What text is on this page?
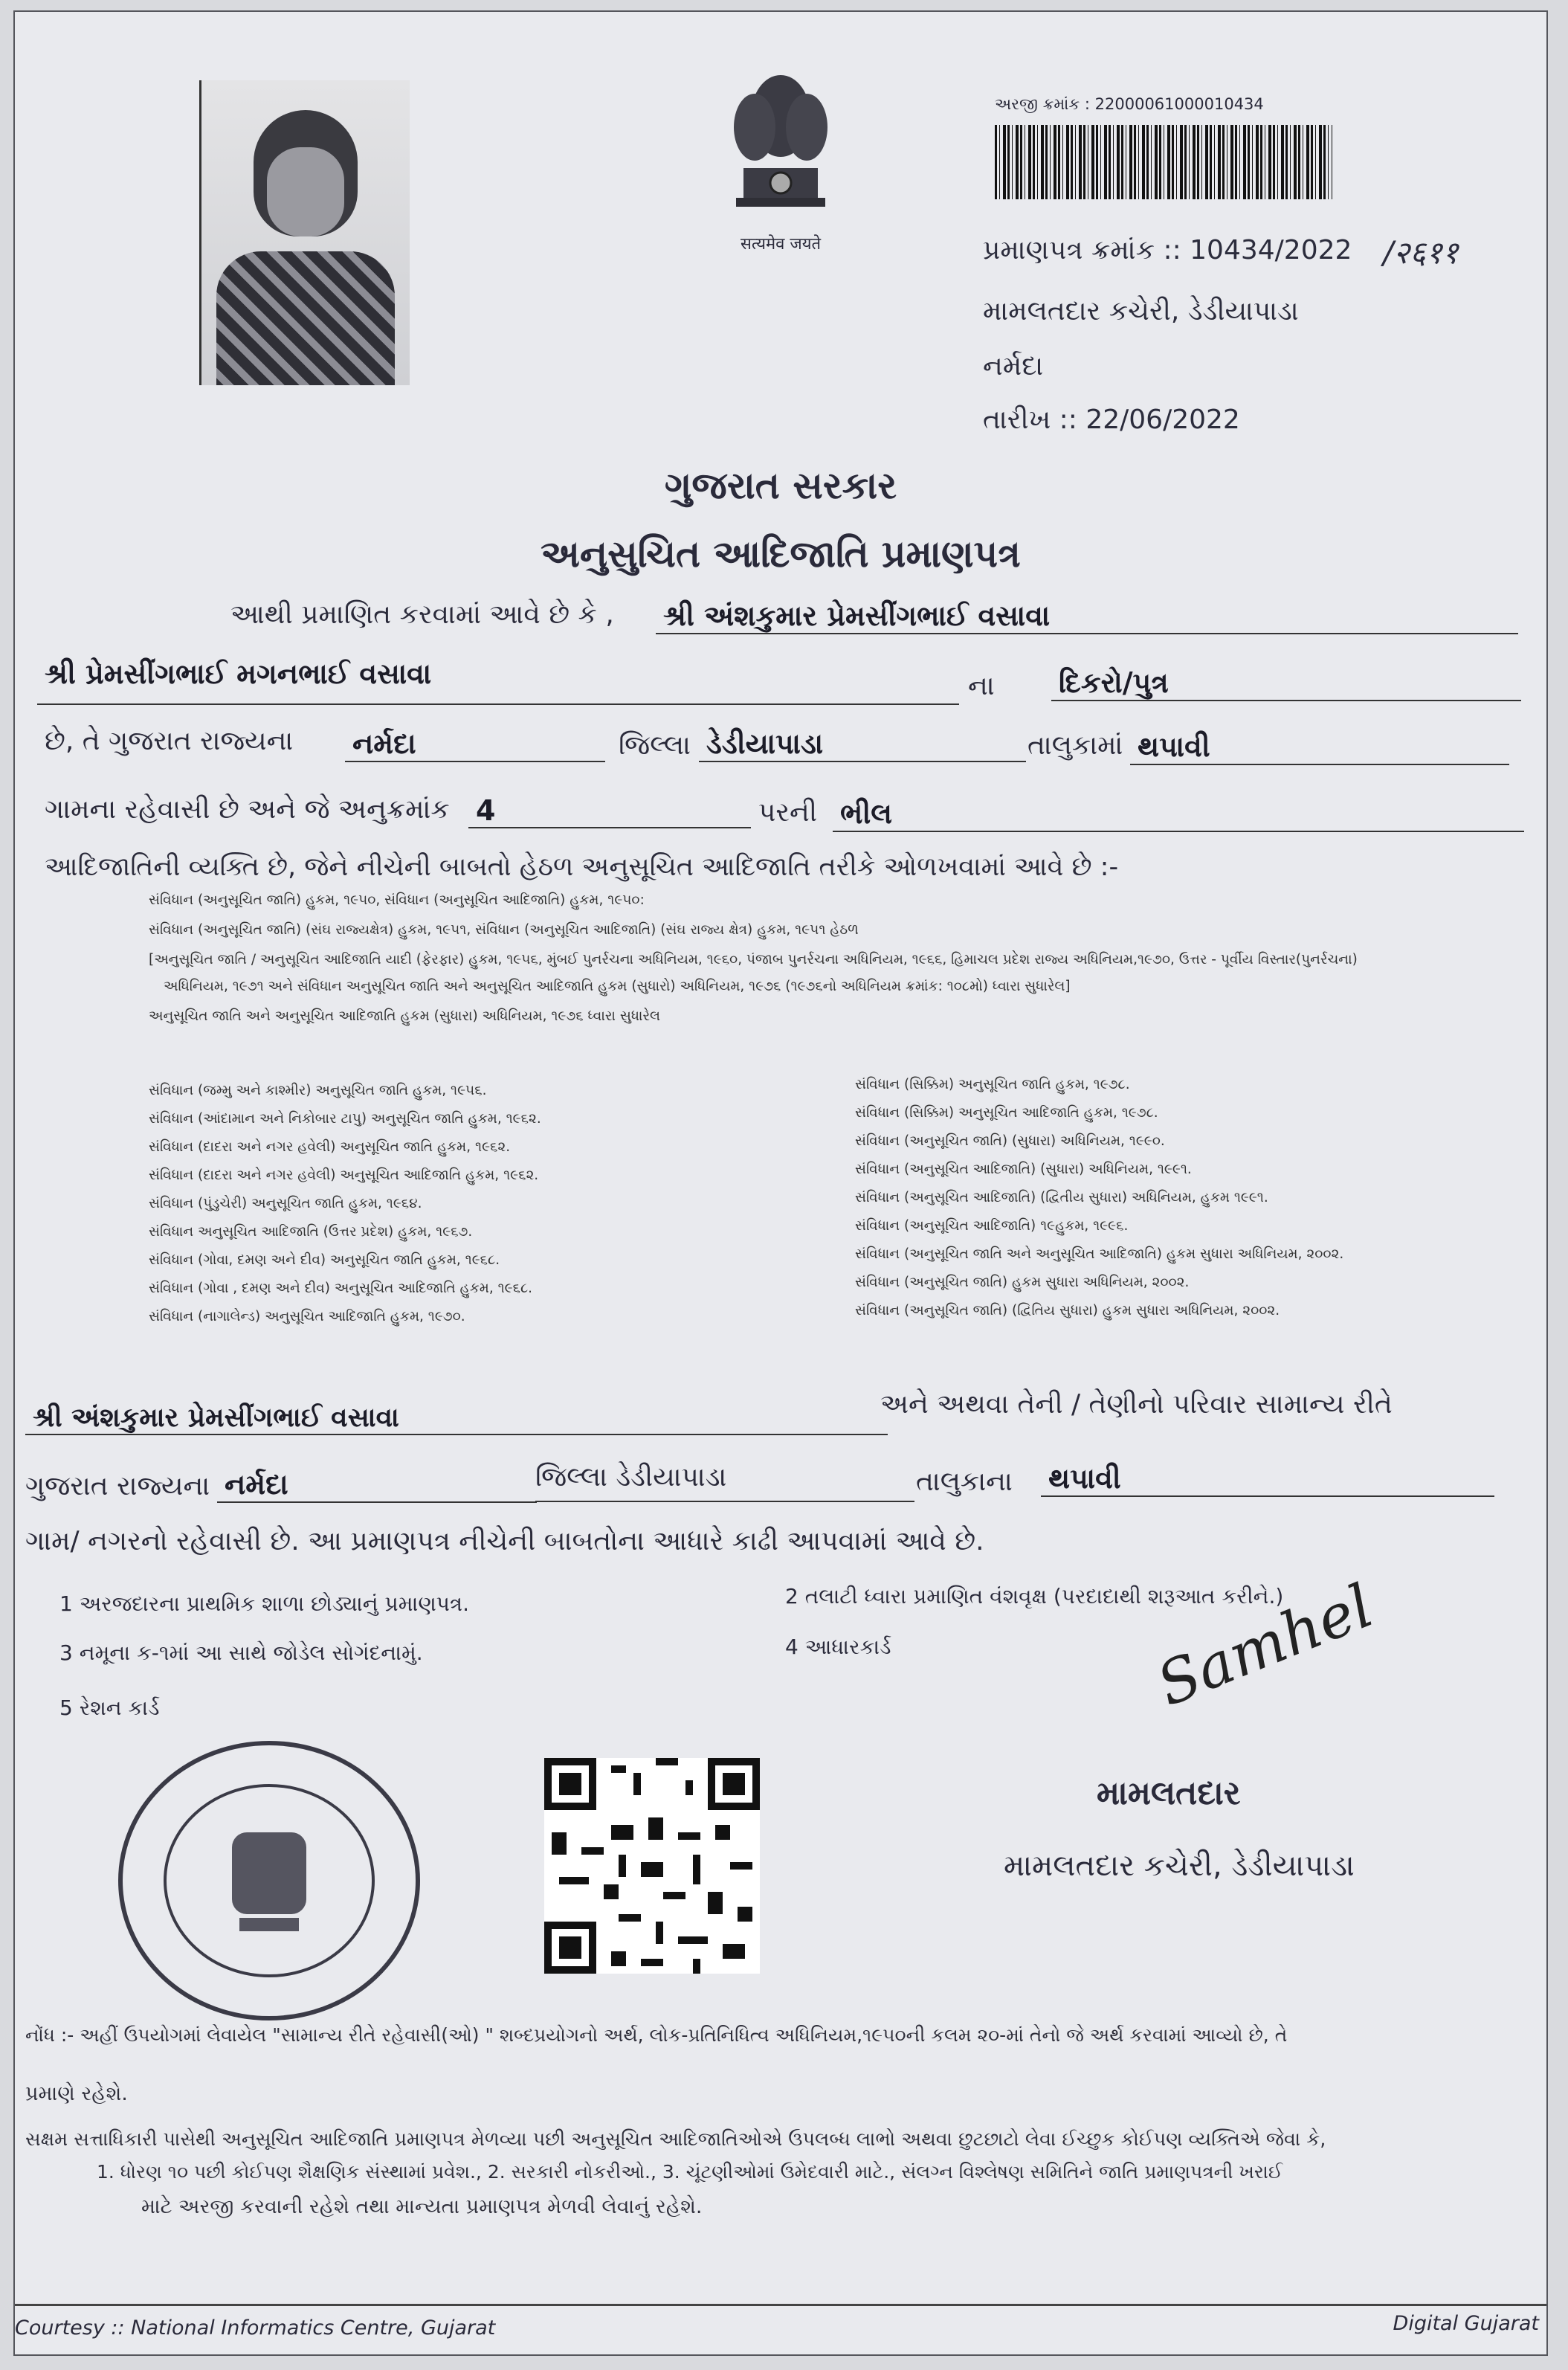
सत्यमेव जयते
અરજી ક્રમાંક : 22000061000010434
પ્રમાણપત્ર ક્રમાંક :: 10434/2022 /२६११
મામલતદાર કચેરી, ડેડીયાપાડા
નર્મદા
તારીખ :: 22/06/2022
ગુજરાત સરકાર
અનુસુચિત આદિજાતિ પ્રમાણપત્ર
આથી પ્રમાણિત કરવામાં આવે છે કે , શ્રી અંશકુમાર પ્રેમસીંગભાઈ વસાવા
શ્રી પ્રેમસીંગભાઈ મગનભાઈ વસાવા	ના દિકરો/પુત્ર
છે, તે ગુજરાત રાજ્યના નર્મદા	જિલ્લા ડેડીયાપાડા	તાલુકામાં થપાવી
ગામના રહેવાસી છે અને જે અનુક્રમાંક 4	પરની ભીલ
આદિજાતિની વ્યક્તિ છે, જેને નીચેની બાબતો હેઠળ અનુસૂચિત આદિજાતિ તરીકે ઓળખવામાં આવે છે :-
સંવિધાન (અનુસૂચિત જાતિ) હુકમ, ૧૯૫૦, સંવિધાન (અનુસૂચિત આદિજાતિ) હુકમ, ૧૯૫૦:
સંવિધાન (અનુસૂચિત જાતિ) (સંઘ રાજ્યક્ષેત્ર) હુકમ, ૧૯૫૧, સંવિધાન (અનુસૂચિત આદિજાતિ) (સંઘ રાજ્ય ક્ષેત્ર) હુકમ, ૧૯૫૧ હેઠળ
[અનુસૂચિત જાતિ / અનુસૂચિત આદિજાતિ યાદી (ફેરફાર) હુકમ, ૧૯૫૬, મુંબઈ પુનર્રચના અધિનિયમ, ૧૯૬૦, પંજાબ પુનર્રચના અધિનિયમ, ૧૯૬૬, હિમાચલ પ્રદેશ રાજ્ય અધિનિયમ,૧૯૭૦, ઉત્તર - પૂર્વીય વિસ્તાર(પુનર્રચના)
અધિનિયમ, ૧૯૭૧ અને સંવિધાન અનુસૂચિત જાતિ અને અનુસૂચિત આદિજાતિ હુકમ (સુધારો) અધિનિયમ, ૧૯૭૬ (૧૯૭૬નો અધિનિયમ ક્રમાંક: ૧૦૮મો) ધ્વારા સુધારેલ]
અનુસૂચિત જાતિ અને અનુસૂચિત આદિજાતિ હુકમ (સુધારા) અધિનિયમ, ૧૯૭૬ ધ્વારા સુધારેલ
સંવિધાન (જમ્મુ અને કાશ્મીર) અનુસૂચિત જાતિ હુકમ, ૧૯૫૬.
સંવિધાન (આંદામાન અને નિકોબાર ટાપુ) અનુસૂચિત જાતિ હુકમ, ૧૯૬૨.
સંવિધાન (દાદરા અને નગર હવેલી) અનુસૂચિત જાતિ હુકમ, ૧૯૬૨.
સંવિધાન (દાદરા અને નગર હવેલી) અનુસૂચિત આદિજાતિ હુકમ, ૧૯૬૨.
સંવિધાન (પુંડુચેરી) અનુસૂચિત જાતિ હુકમ, ૧૯૬૪.
સંવિધાન અનુસૂચિત આદિજાતિ (ઉત્તર પ્રદેશ) હુકમ, ૧૯૬૭.
સંવિધાન (ગોવા, દમણ અને દીવ) અનુસૂચિત જાતિ હુકમ, ૧૯૬૮.
સંવિધાન (ગોવા , દમણ અને દીવ) અનુસૂચિત આદિજાતિ હુકમ, ૧૯૬૮.
સંવિધાન (નાગાલેન્ડ) અનુસૂચિત આદિજાતિ હુકમ, ૧૯૭૦.
સંવિધાન (સિક્કિમ) અનુસૂચિત જાતિ હુકમ, ૧૯૭૮.
સંવિધાન (સિક્કિમ) અનુસૂચિત આદિજાતિ હુકમ, ૧૯૭૮.
સંવિધાન (અનુસૂચિત જાતિ) (સુધારા) અધિનિયમ, ૧૯૯૦.
સંવિધાન (અનુસૂચિત આદિજાતિ) (સુધારા) અધિનિયમ, ૧૯૯૧.
સંવિધાન (અનુસૂચિત આદિજાતિ) (દ્વિતીય સુધારા) અધિનિયમ, હુકમ ૧૯૯૧.
સંવિધાન (અનુસૂચિત આદિજાતિ) ૧૯હુકમ, ૧૯૯૬.
સંવિધાન (અનુસૂચિત જાતિ અને અનુસૂચિત આદિજાતિ) હુકમ સુધારા અધિનિયમ, ૨૦૦૨.
સંવિધાન (અનુસૂચિત જાતિ) હુકમ સુધારા અધિનિયમ, ૨૦૦૨.
સંવિધાન (અનુસૂચિત જાતિ) (દ્વિતિય સુધારા) હુકમ સુધારા અધિનિયમ, ૨૦૦૨.
શ્રી અંશકુમાર પ્રેમસીંગભાઈ વસાવા	અને અથવા તેની / તેણીનો પરિવાર સામાન્ય રીતે
ગુજરાત રાજ્યના નર્મદા	જિલ્લા ડેડીયાપાડા	તાલુકાના થપાવી
ગામ/ નગરનો રહેવાસી છે. આ પ્રમાણપત્ર નીચેની બાબતોના આધારે કાઢી આપવામાં આવે છે.
1 અરજદારના પ્રાથમિક શાળા છોડ્યાનું પ્રમાણપત્ર.	2 તલાટી ધ્વારા પ્રમાણિત વંશવૃક્ષ (પરદાદાથી શરૂઆત કરીને.)
3 નમૂના ક-૧માં આ સાથે જોડેલ સોગંદનામું.	4 આધારકાર્ડ
5 રેશન કાર્ડ	Samhel
મામલતદાર
મામલતદાર કચેરી, ડેડીયાપાડા
નોંધ :- અહીં ઉપયોગમાં લેવાયેલ "સામાન્ય રીતે રહેવાસી(ઓ) " શબ્દપ્રયોગનો અર્થ, લોક-પ્રતિનિધિત્વ અધિનિયમ,૧૯૫૦ની કલમ ૨૦-માં તેનો જે અર્થ કરવામાં આવ્યો છે, તે
પ્રમાણે રહેશે.
સક્ષમ સત્તાધિકારી પાસેથી અનુસૂચિત આદિજાતિ પ્રમાણપત્ર મેળવ્યા પછી અનુસૂચિત આદિજાતિઓએ ઉપલબ્ધ લાભો અથવા છુટછાટો લેવા ઈચ્છુક કોઈપણ વ્યક્તિએ જેવા કે,
1. ધોરણ ૧૦ પછી કોઈપણ શૈક્ષણિક સંસ્થામાં પ્રવેશ., 2. સરકારી નોકરીઓ., 3. ચૂંટણીઓમાં ઉમેદવારી માટે., સંલગ્ન વિશ્લેષણ સમિતિને જાતિ પ્રમાણપત્રની ખરાઈ
માટે અરજી કરવાની રહેશે તથા માન્યતા પ્રમાણપત્ર મેળવી લેવાનું રહેશે.
Courtesy :: National Informatics Centre, Gujarat	Digital Gujarat
